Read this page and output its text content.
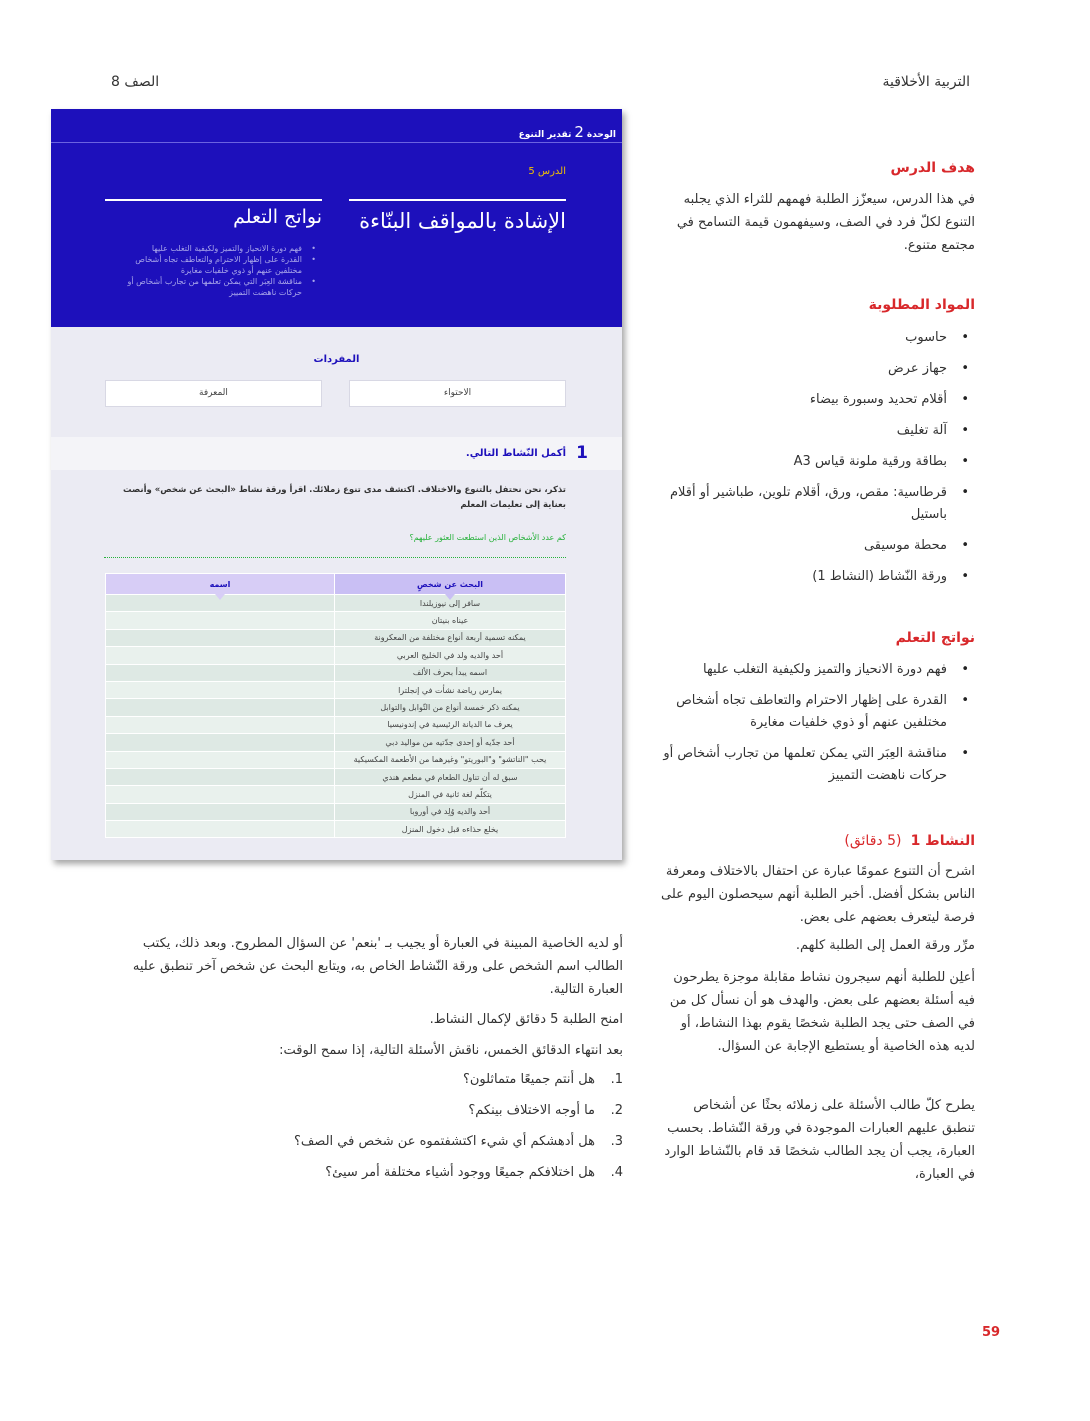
التربية الأخلاقية
الصف 8
هدف الدرس
في هذا الدرس، سيعزّز الطلبة فهمهم للثراء الذي يجلبه التنوع لكلّ فرد في الصف، وسيفهمون قيمة التسامح في مجتمع متنوع.
المواد المطلوبة
• حاسوب
• جهاز عرض
• أقلام تحديد وسبورة بيضاء
• آلة تغليف
• بطاقة ورقية ملونة قياس A3
• قرطاسية: مقص، ورق، أقلام تلوين، طباشير أو أقلام باستيل
• محطة موسيقى
• ورقة النّشاط (النشاط 1)
نواتج التعلم
• فهم دورة الانحياز والتميز ولكيفية التغلب عليها
• القدرة على إظهار الاحترام والتعاطف تجاه أشخاص مختلفين عنهم أو ذوي خلفيات مغايرة
• مناقشة العِبَر التي يمكن تعلمها من تجارب أشخاص أو حركات ناهضت التمييز
النشاط 1 (5 دقائق)
اشرح أن التنوع عمومًا عبارة عن احتفال بالاختلاف ومعرفة الناس بشكل أفضل. أخبر الطلبة أنهم سيحصلون اليوم على فرصة ليتعرف بعضهم على بعض.
مرِّر ورقة العمل إلى الطلبة كلهم.
أعلِن للطلبة أنهم سيجرون نشاط مقابلة موجزة يطرحون فيه أسئلة بعضهم على بعض. والهدف هو أن نسأل كل من في الصف حتى يجد الطلبة شخصًا يقوم بهذا النشاط، أو لديه هذه الخاصية أو يستطيع الإجابة عن السؤال.
يطرح كلّ طالب الأسئلة على زملائه بحثًا عن أشخاص تنطبق عليهم العبارات الموجودة في ورقة النّشاط. بحسب العبارة، يجب أن يجد الطالب شخصًا قد قام بالنّشاط الوارد في العبارة،
الوحدة2تقدير التنوع
الدرس 5
الإشادة بالمواقف البنّاءة
نواتج التعلم
• فهم دورة الانحياز والتميز ولكيفية التغلب عليها
• القدرة على إظهار الاحترام والتعاطف تجاه أشخاص مختلفين عنهم أو ذوي خلفيات مغايرة
• مناقشة العِبَر التي يمكن تعلمها من تجارب أشخاص أو حركات ناهضت التمييز
المفردات
الاحتواء
المعرفة
1
أكمل النّشاط التالي.
تذكر، نحن نحتفل بالتنوع والاختلاف. اكتشف مدى تنوع زملائك. اقرأ ورقة نشاط «البحث عن شخص» وأنصت بعناية إلى تعليمات المعلم
كم عدد الأشخاص الذين استطعت العثور عليهم؟
البحث عن شخصٍ	اسمه

سافر إلى نيوزيلندا	
عيناه بنيتان	
يمكنه تسمية أربعة أنواع مختلفة من المعكرونة	
أحد والديه ولد في الخليج العربي	
اسمه يبدأ بحرف الألف	
يمارس رياضة نشأت في إنجلترا	
يمكنه ذكر خمسة أنواع من التّوابل والتوابل	
يعرف ما الديانة الرئيسية في إندونيسيا	
أحد جدّيه أو إحدى جدّتيه من مواليد دبي	
يحب "الناتشو" و"البوريتو" وغيرهما من الأطعمة المكسيكية	
سبق له أن تناول الطعام في مطعم هندي	
يتكلّم لغة ثانية في المنزل	
أحد والديه وُلِد في أوروبا	
يخلع حذاءه قبل دخول المنزل	
أو لديه الخاصية المبينة في العبارة أو يجيب بـ 'بنعم' عن السؤال المطروح. وبعد ذلك، يكتب الطالب اسم الشخص على ورقة النّشاط الخاص به، ويتابع البحث عن شخص آخر تنطبق عليه العبارة التالية.
امنح الطلبة 5 دقائق لإكمال النشاط.
بعد انتهاء الدقائق الخمس، ناقش الأسئلة التالية، إذا سمح الوقت:
1.
هل أنتم جميعًا متماثلون؟
2.
ما أوجه الاختلاف بينكم؟
3.
هل أدهشكم أي شيء اكتشفتموه عن شخص في الصف؟
4.
هل اختلافكم جميعًا ووجود أشياء مختلفة أمر سيئ؟
59
